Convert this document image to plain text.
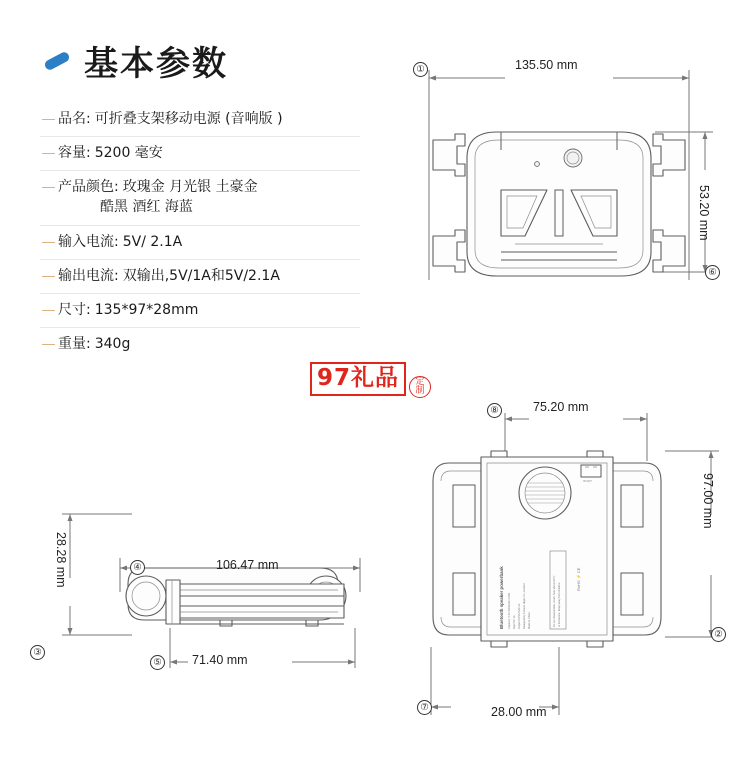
基本参数
— 品名: 可折叠支架移动电源 (音响版 )
— 容量: 5200 毫安
— 产品颜色: 玫瑰金 月光银 土豪金
酷黑 酒红 海蓝
— 输入电流: 5V/ 2.1A
— 输出电流: 双输出,5V/1A和5V/2.1A
— 尺寸: 135*97*28mm
— 重量: 340g
97礼品	定
制
①
⑥
135.50 mm
53.20 mm
③
④
⑤
28.28 mm	106.47 mm
71.40 mm
⑧
②
⑦
75.20 mm
97.00 mm
28.00 mm
IN OUT
Bluetooth speaker powerbank	Capacity: 5.2V 5200mAh 27Wh Input:5V 1A Output:5V/1A 5V/2.1A Designed by Fortune Hippo Co.,Limited Made in China	Do not disassemble, crush, heat above 60°C or incinerate. Keep away from children.
RoHS ⚡ CE
